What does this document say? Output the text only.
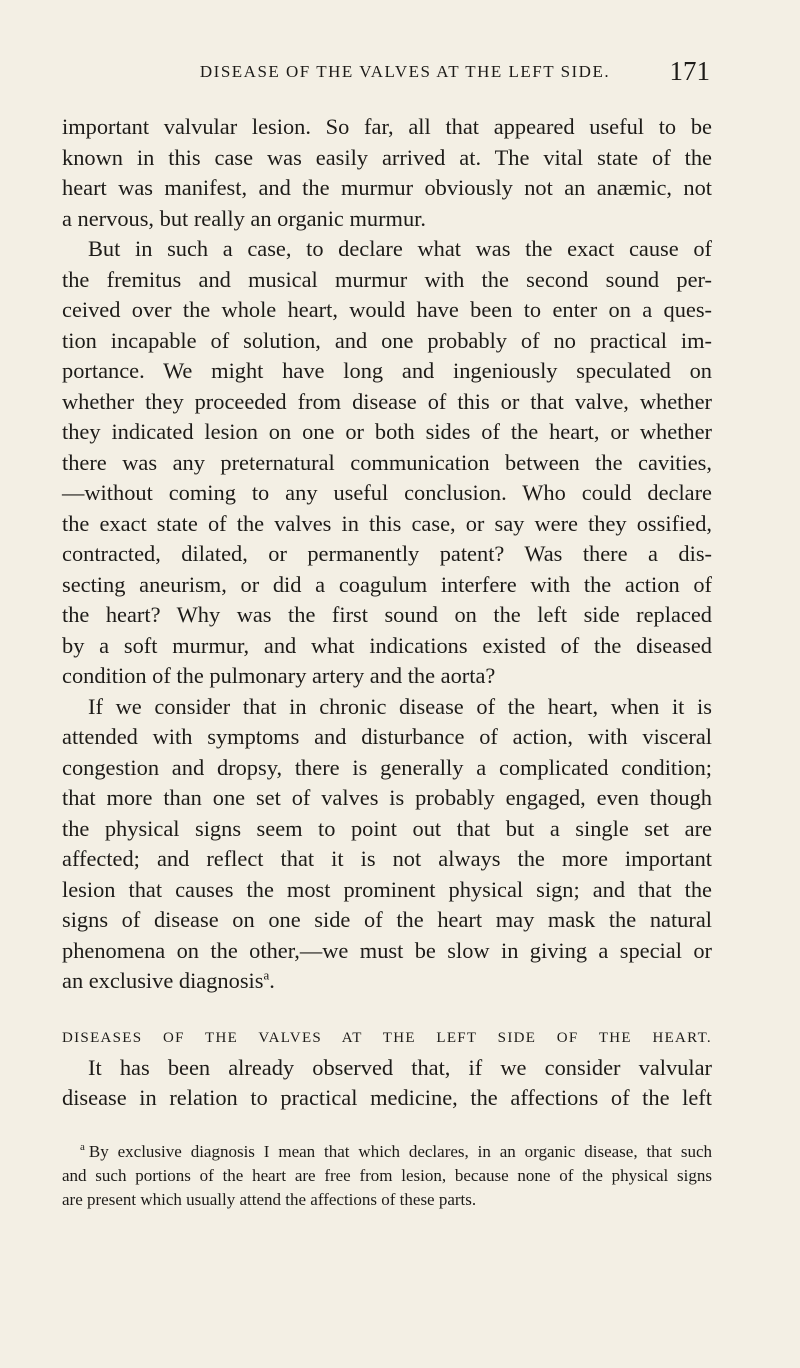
DISEASE OF THE VALVES AT THE LEFT SIDE.	171
important valvular lesion. So far, all that appeared useful to be
known in this case was easily arrived at. The vital state of the
heart was manifest, and the murmur obviously not an anæmic, not
a nervous, but really an organic murmur.
But in such a case, to declare what was the exact cause of
the fremitus and musical murmur with the second sound per-
ceived over the whole heart, would have been to enter on a ques-
tion incapable of solution, and one probably of no practical im-
portance. We might have long and ingeniously speculated on
whether they proceeded from disease of this or that valve, whether
they indicated lesion on one or both sides of the heart, or whether
there was any preternatural communication between the cavities,
—without coming to any useful conclusion. Who could declare
the exact state of the valves in this case, or say were they ossified,
contracted, dilated, or permanently patent? Was there a dis-
secting aneurism, or did a coagulum interfere with the action of
the heart? Why was the first sound on the left side replaced
by a soft murmur, and what indications existed of the diseased
condition of the pulmonary artery and the aorta?
If we consider that in chronic disease of the heart, when it is
attended with symptoms and disturbance of action, with visceral
congestion and dropsy, there is generally a complicated condition;
that more than one set of valves is probably engaged, even though
the physical signs seem to point out that but a single set are
affected; and reflect that it is not always the more important
lesion that causes the most prominent physical sign; and that the
signs of disease on one side of the heart may mask the natural
phenomena on the other,—we must be slow in giving a special or
an exclusive diagnosis$^a$.
DISEASES OF THE VALVES AT THE LEFT SIDE OF THE HEART.
It has been already observed that, if we consider valvular
disease in relation to practical medicine, the affections of the left
$^a$ By exclusive diagnosis I mean that which declares, in an organic disease, that such
and such portions of the heart are free from lesion, because none of the physical signs
are present which usually attend the affections of these parts.
